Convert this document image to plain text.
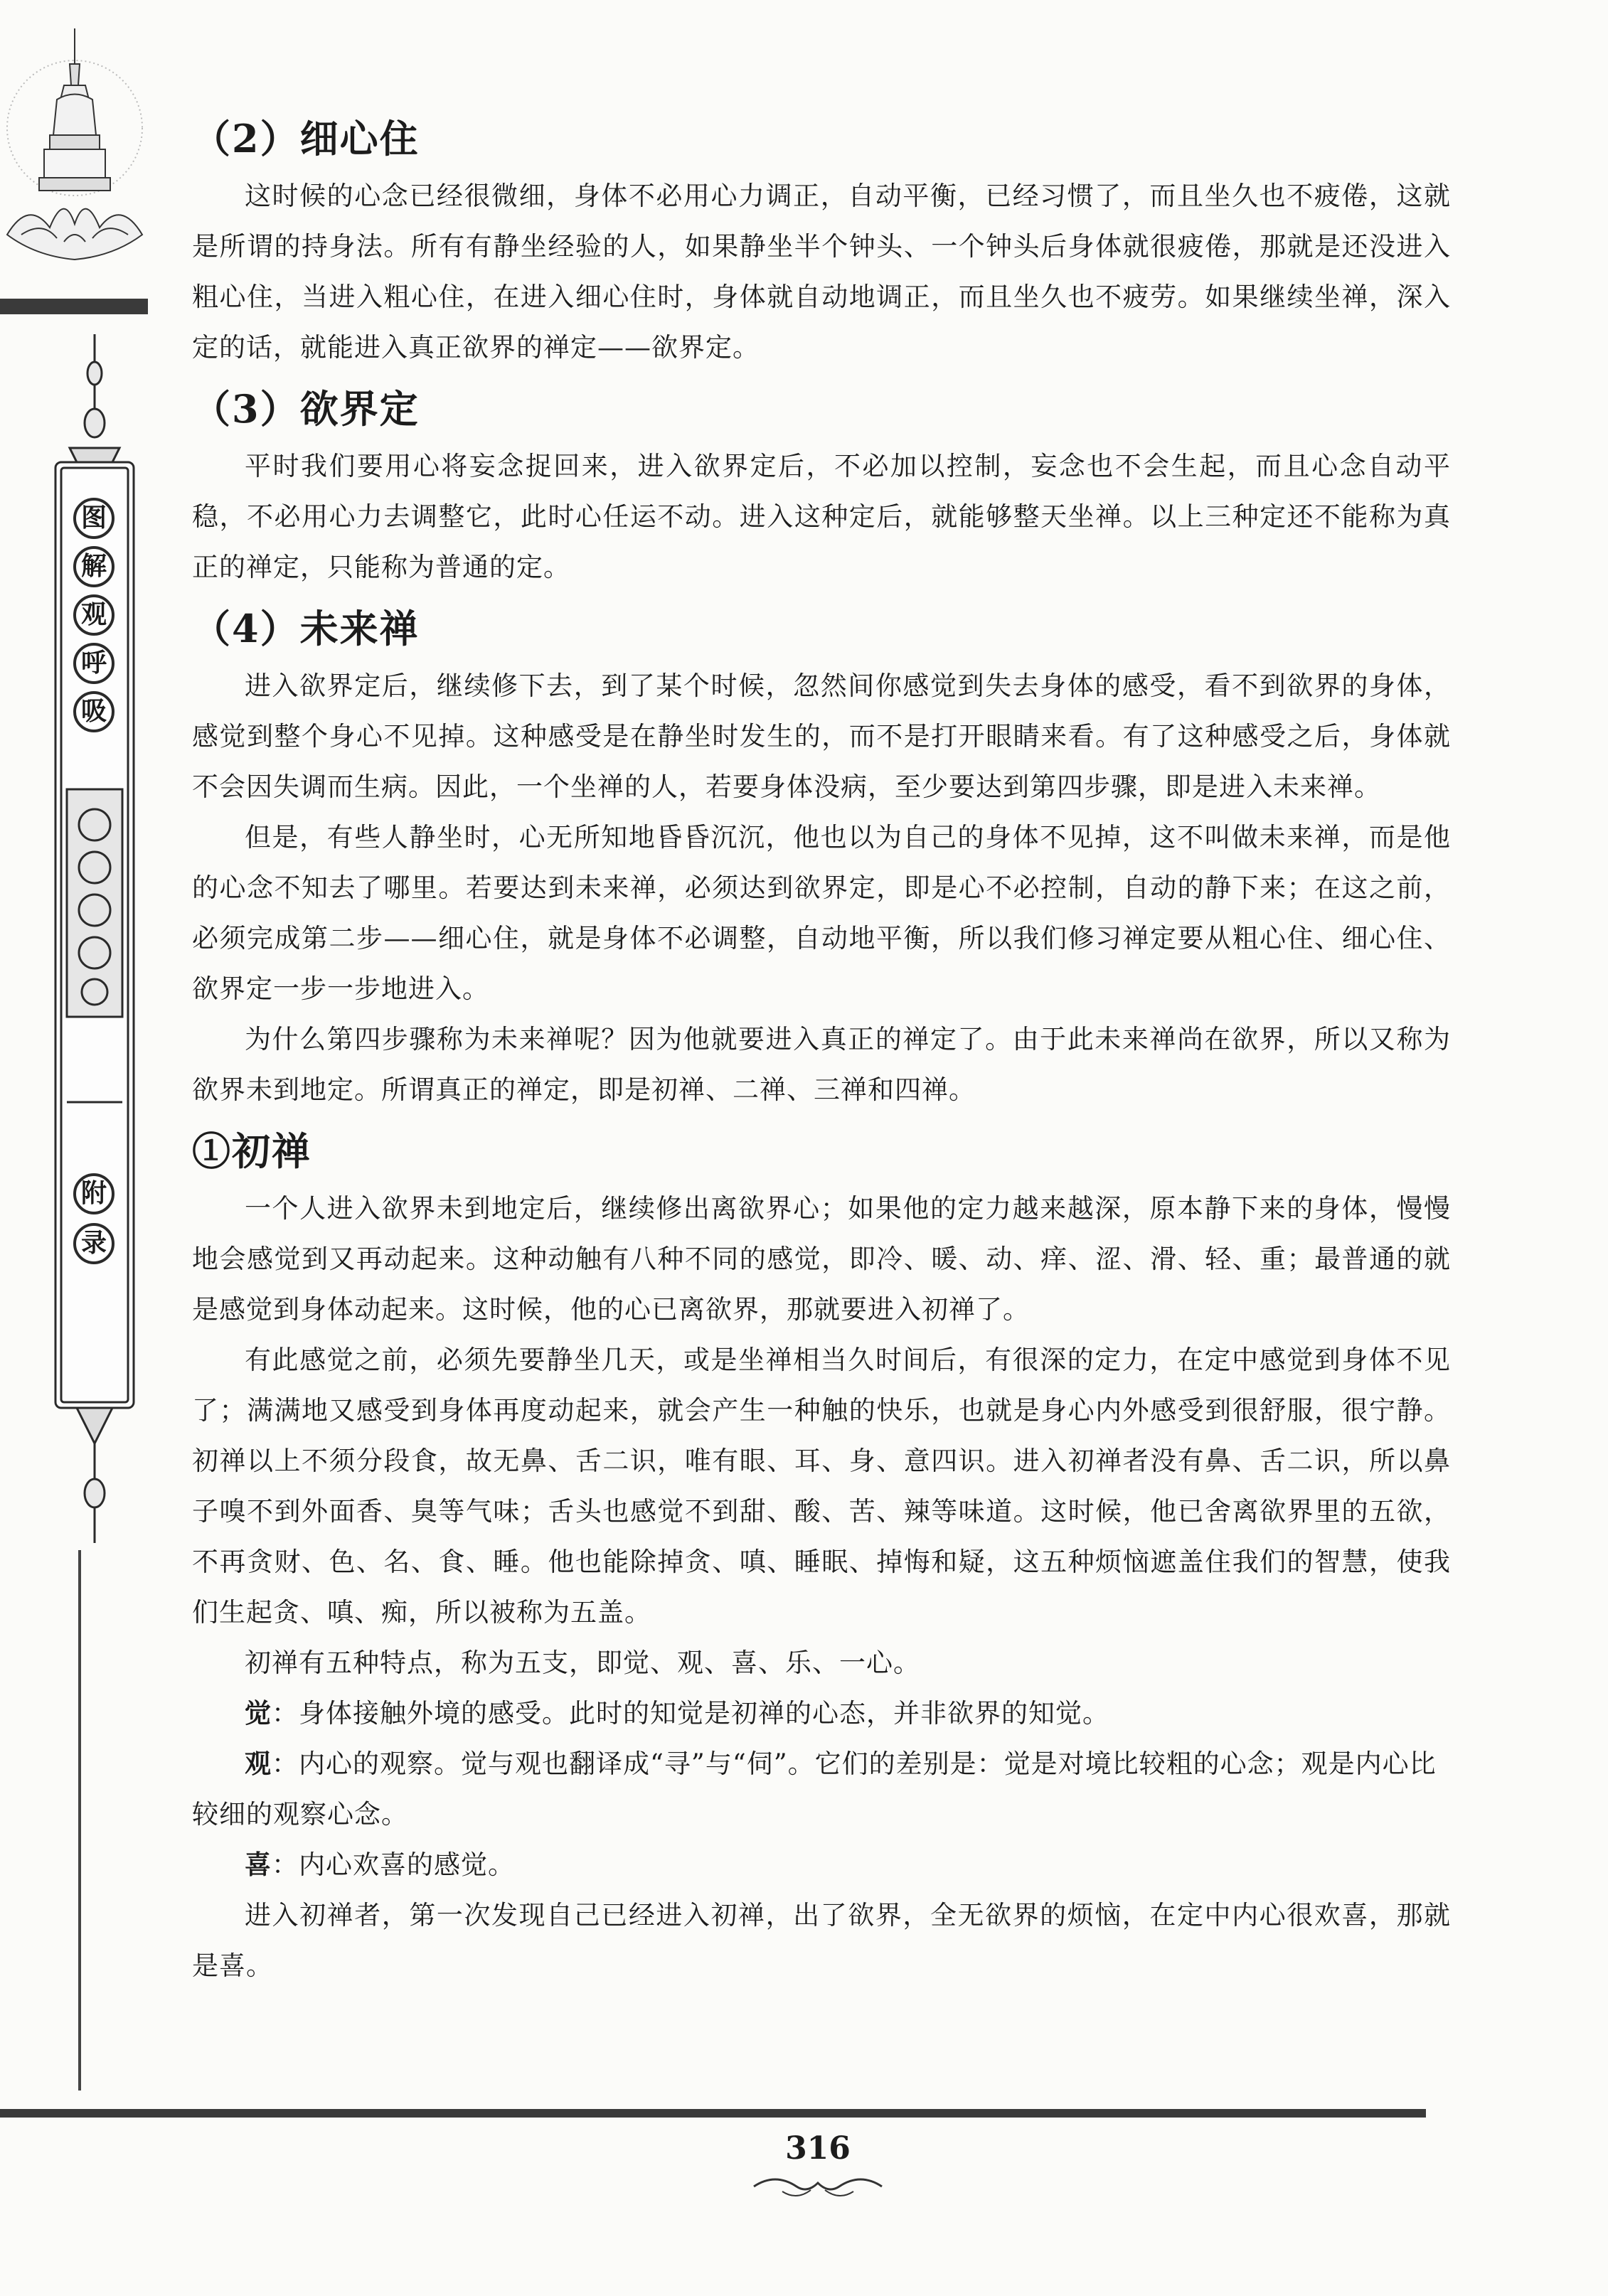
图
解
观
呼
吸
附
录
（2）细心住

这时候的心念已经很微细，身体不必用心力调正，自动平衡，已经习惯了，而且坐久也不疲倦，这就是所谓的持身法。所有有静坐经验的人，如果静坐半个钟头、一个钟头后身体就很疲倦，那就是还没进入粗心住，当进入粗心住，在进入细心住时，身体就自动地调正，而且坐久也不疲劳。如果继续坐禅，深入定的话，就能进入真正欲界的禅定——欲界定。

（3）欲界定

平时我们要用心将妄念捉回来，进入欲界定后，不必加以控制，妄念也不会生起，而且心念自动平稳，不必用心力去调整它，此时心任运不动。进入这种定后，就能够整天坐禅。以上三种定还不能称为真正的禅定，只能称为普通的定。

（4）未来禅

进入欲界定后，继续修下去，到了某个时候，忽然间你感觉到失去身体的感受，看不到欲界的身体，感觉到整个身心不见掉。这种感受是在静坐时发生的，而不是打开眼睛来看。有了这种感受之后，身体就不会因失调而生病。因此，一个坐禅的人，若要身体没病，至少要达到第四步骤，即是进入未来禅。

但是，有些人静坐时，心无所知地昏昏沉沉，他也以为自己的身体不见掉，这不叫做未来禅，而是他的心念不知去了哪里。若要达到未来禅，必须达到欲界定，即是心不必控制，自动的静下来；在这之前，必须完成第二步——细心住，就是身体不必调整，自动地平衡，所以我们修习禅定要从粗心住、细心住、欲界定一步一步地进入。

为什么第四步骤称为未来禅呢？因为他就要进入真正的禅定了。由于此未来禅尚在欲界，所以又称为欲界未到地定。所谓真正的禅定，即是初禅、二禅、三禅和四禅。

①初禅

一个人进入欲界未到地定后，继续修出离欲界心；如果他的定力越来越深，原本静下来的身体，慢慢地会感觉到又再动起来。这种动触有八种不同的感觉，即冷、暖、动、痒、涩、滑、轻、重；最普通的就是感觉到身体动起来。这时候，他的心已离欲界，那就要进入初禅了。

有此感觉之前，必须先要静坐几天，或是坐禅相当久时间后，有很深的定力，在定中感觉到身体不见了；满满地又感受到身体再度动起来，就会产生一种触的快乐，也就是身心内外感受到很舒服，很宁静。初禅以上不须分段食，故无鼻、舌二识，唯有眼、耳、身、意四识。进入初禅者没有鼻、舌二识，所以鼻子嗅不到外面香、臭等气味；舌头也感觉不到甜、酸、苦、辣等味道。这时候，他已舍离欲界里的五欲，不再贪财、色、名、食、睡。他也能除掉贪、嗔、睡眠、掉悔和疑，这五种烦恼遮盖住我们的智慧，使我们生起贪、嗔、痴，所以被称为五盖。

初禅有五种特点，称为五支，即觉、观、喜、乐、一心。

觉：身体接触外境的感受。此时的知觉是初禅的心态，并非欲界的知觉。

观：内心的观察。觉与观也翻译成“寻”与“伺”。它们的差别是：觉是对境比较粗的心念；观是内心比较细的观察心念。

喜：内心欢喜的感觉。

进入初禅者，第一次发现自己已经进入初禅，出了欲界，全无欲界的烦恼，在定中内心很欢喜，那就是喜。

316
